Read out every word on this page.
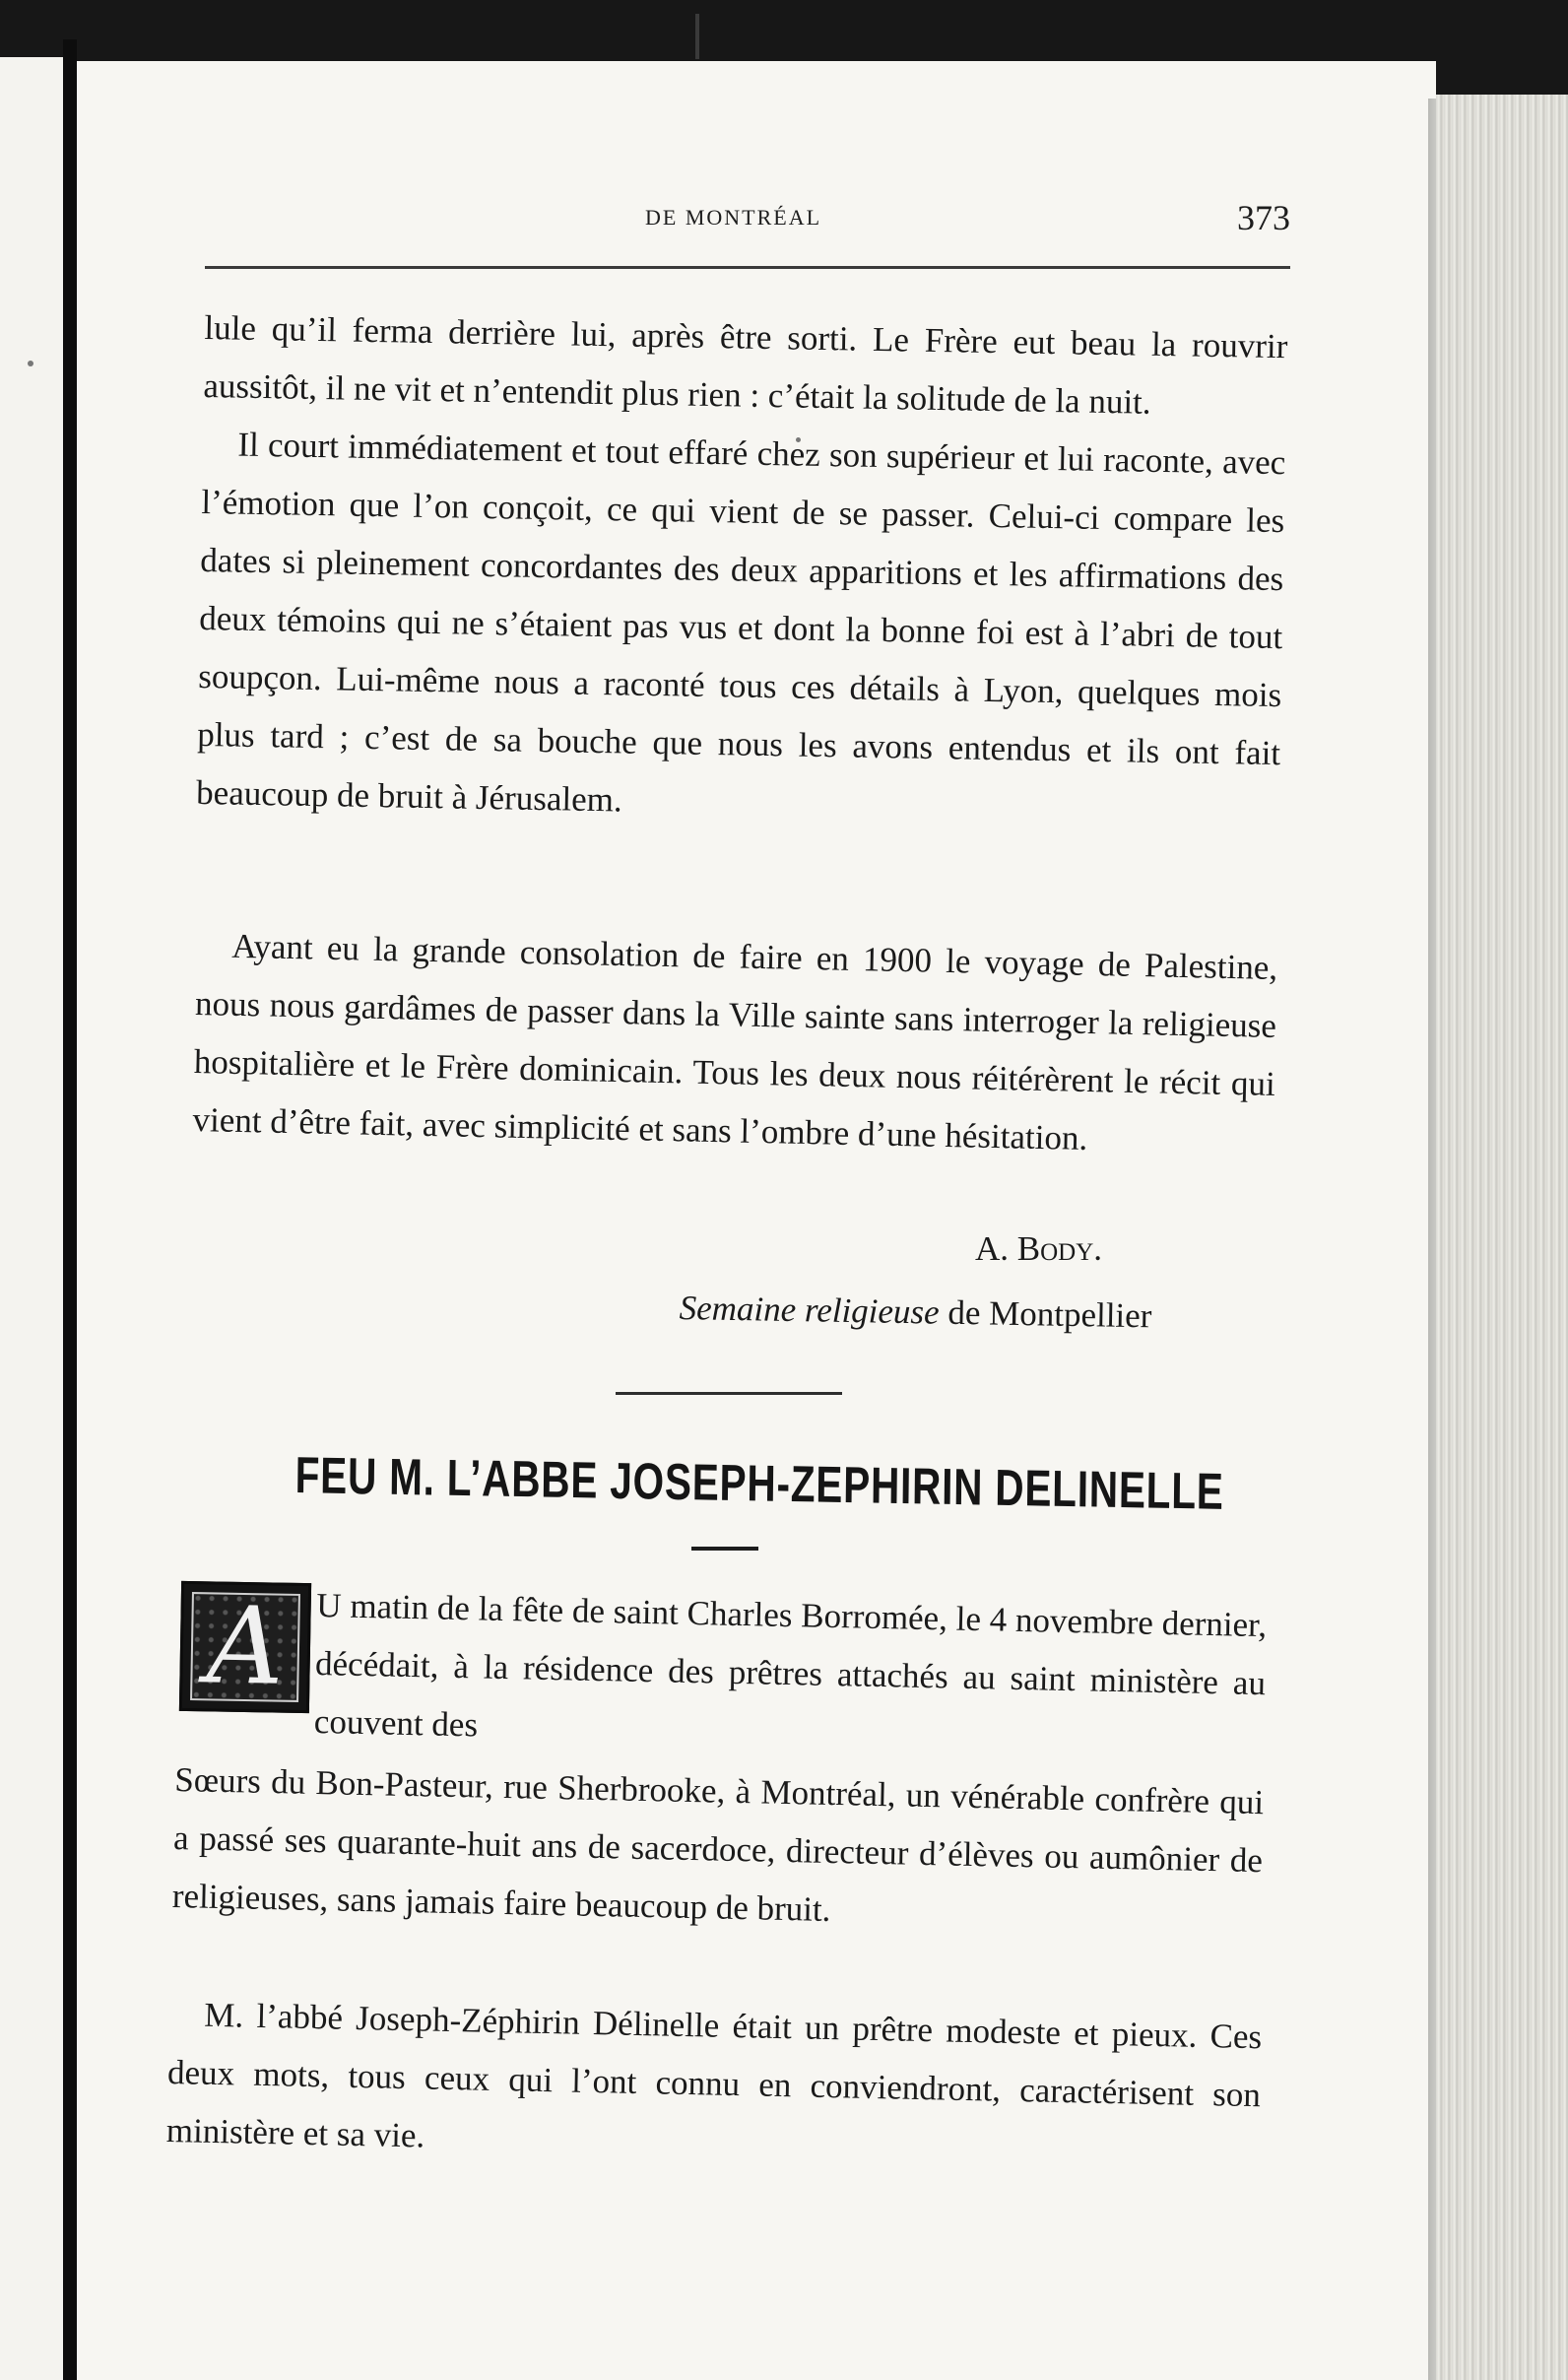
DE MONTRÉAL	373

lule qu’il ferma derrière lui, après être sorti. Le Frère eut beau la rouvrir aussitôt, il ne vit et n’entendit plus rien : c’était la solitude de la nuit.

Il court immédiatement et tout effaré chez son supérieur et lui raconte, avec l’émotion que l’on conçoit, ce qui vient de se passer. Celui-ci compare les dates si pleinement concordantes des deux apparitions et les affirmations des deux témoins qui ne s’étaient pas vus et dont la bonne foi est à l’abri de tout soupçon. Lui-même nous a raconté tous ces détails à Lyon, quelques mois plus tard ; c’est de sa bouche que nous les avons entendus et ils ont fait beaucoup de bruit à Jérusalem.

Ayant eu la grande consolation de faire en 1900 le voyage de Palestine, nous nous gardâmes de passer dans la Ville sainte sans interroger la religieuse hospitalière et le Frère dominicain. Tous les deux nous réitérèrent le récit qui vient d’être fait, avec simplicité et sans l’ombre d’une hésitation.

A. Body.
Semaine religieuse de Montpellier
FEU M. L’ABBE JOSEPH-ZEPHIRIN DELINELLE
A U matin de la fête de saint Charles Borromée, le 4 novembre dernier, décédait, à la résidence des prêtres attachés au saint ministère au couvent des

Sœurs du Bon-Pasteur, rue Sherbrooke, à Montréal, un vénérable confrère qui a passé ses quarante-huit ans de sacerdoce, directeur d’élèves ou aumônier de religieuses, sans jamais faire beaucoup de bruit.

M. l’abbé Joseph-Zéphirin Délinelle était un prêtre modeste et pieux. Ces deux mots, tous ceux qui l’ont connu en conviendront, caractérisent son ministère et sa vie.
